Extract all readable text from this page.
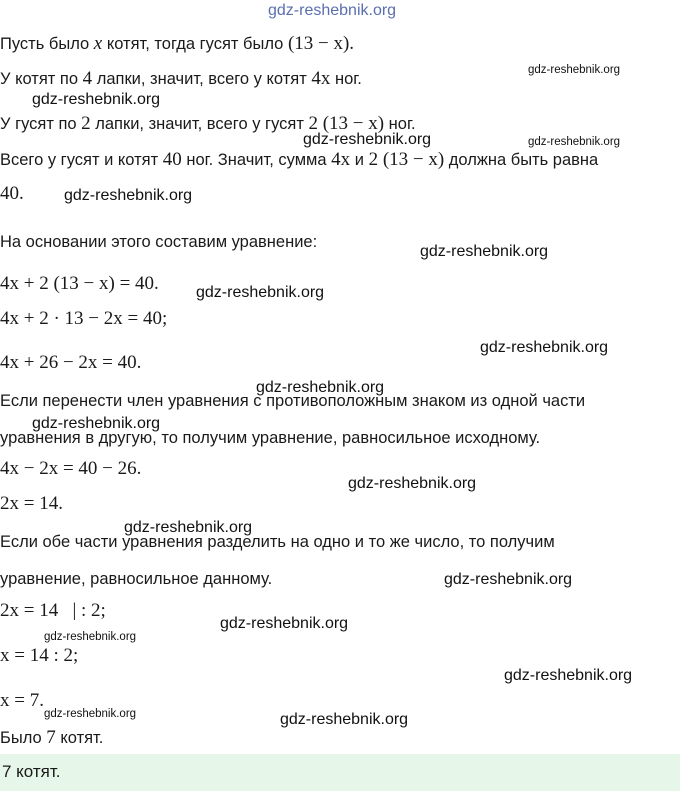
gdz-reshebnik.org
Пусть было x котят, тогда гусят было (13 − x).
У котят по 4 лапки, значит, всего у котят 4x ног.
У гусят по 2 лапки, значит, всего у гусят 2 (13 − x) ног.
Всего у гусят и котят 40 ног. Значит, сумма 4x и 2 (13 − x) должна быть равна
40.
На основании этого составим уравнение:
4x + 2 (13 − x) = 40.
4x + 2 · 13 − 2x = 40;
4x + 26 − 2x = 40.
Если перенести член уравнения с противоположным знаком из одной части
уравнения в другую, то получим уравнение, равносильное исходному.
4x − 2x = 40 − 26.
2x = 14.
Если обе части уравнения разделить на одно и то же число, то получим
уравнение, равносильное данному.
2x = 14 | : 2;
x = 14 : 2;
x = 7.
Было 7 котят.
7 котят.
gdz-reshebnik.org
gdz-reshebnik.org
gdz-reshebnik.org	gdz-reshebnik.org
gdz-reshebnik.org
gdz-reshebnik.org
gdz-reshebnik.org
gdz-reshebnik.org
gdz-reshebnik.org
gdz-reshebnik.org
gdz-reshebnik.org
gdz-reshebnik.org
gdz-reshebnik.org
gdz-reshebnik.org
gdz-reshebnik.org
gdz-reshebnik.org
gdz-reshebnik.org	gdz-reshebnik.org
